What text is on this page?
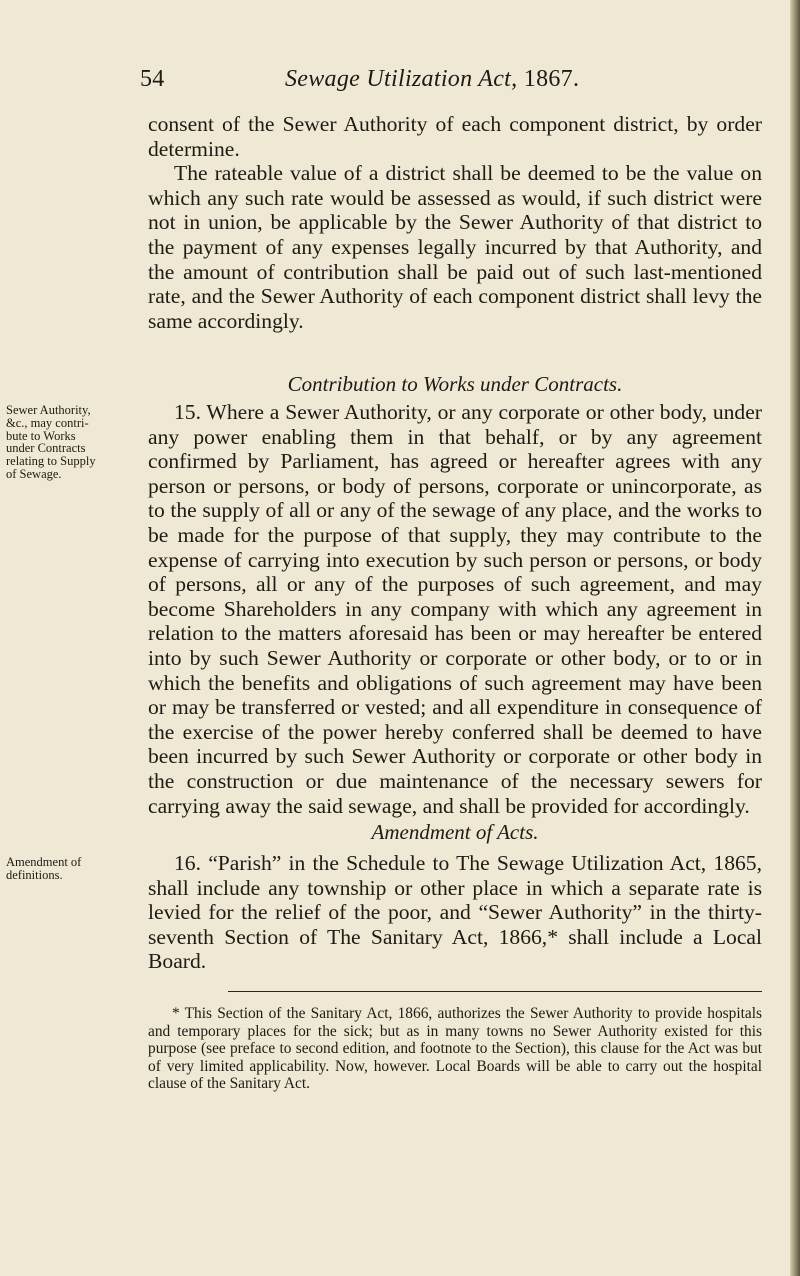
54	Sewage Utilization Act, 1867.

consent of the Sewer Authority of each component district, by order determine.

The rateable value of a district shall be deemed to be the value on which any such rate would be assessed as would, if such district were not in union, be applicable by the Sewer Authority of that district to the payment of any expenses legally incurred by that Authority, and the amount of contribution shall be paid out of such last-mentioned rate, and the Sewer Authority of each component district shall levy the same accordingly.

Contribution to Works under Contracts.
Sewer Authority, &c., may contribute to Works under Contracts relating to Supply of Sewage.

15. Where a Sewer Authority, or any corporate or other body, under any power enabling them in that behalf, or by any agreement confirmed by Parliament, has agreed or hereafter agrees with any person or persons, or body of persons, corporate or unincorporate, as to the supply of all or any of the sewage of any place, and the works to be made for the purpose of that supply, they may contribute to the expense of carrying into execution by such person or persons, or body of persons, all or any of the purposes of such agreement, and may become Shareholders in any company with which any agreement in relation to the matters aforesaid has been or may hereafter be entered into by such Sewer Authority or corporate or other body, or to or in which the benefits and obligations of such agreement may have been or may be transferred or vested; and all expenditure in consequence of the exercise of the power hereby conferred shall be deemed to have been incurred by such Sewer Authority or corporate or other body in the construction or due maintenance of the necessary sewers for carrying away the said sewage, and shall be provided for accordingly.

Amendment of Acts.
Amendment of definitions.	16. “Parish” in the Schedule to The Sewage Utilization Act, 1865, shall include any township or other place in which a separate rate is levied for the relief of the poor, and “Sewer Authority” in the thirty-seventh Section of The Sanitary Act, 1866,* shall include a Local Board.

* This Section of the Sanitary Act, 1866, authorizes the Sewer Authority to provide hospitals and temporary places for the sick; but as in many towns no Sewer Authority existed for this purpose (see preface to second edition, and footnote to the Section), this clause for the Act was but of very limited applicability. Now, however. Local Boards will be able to carry out the hospital clause of the Sanitary Act.
